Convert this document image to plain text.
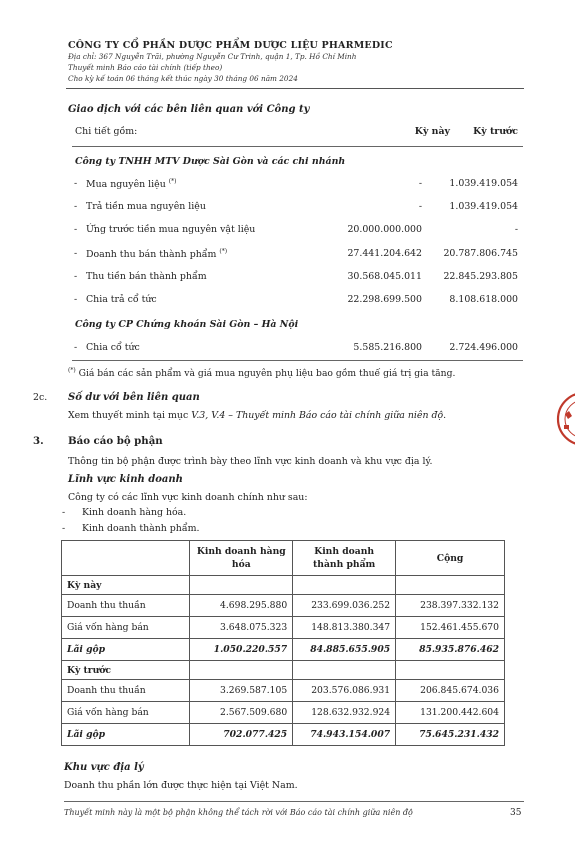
CÔNG TY CỔ PHẦN DƯỢC PHẨM DƯỢC LIỆU PHARMEDIC
Địa chỉ: 367 Nguyễn Trãi, phường Nguyễn Cư Trinh, quận 1, Tp. Hồ Chí Minh
Thuyết minh Báo cáo tài chính (tiếp theo)
Cho kỳ kế toán 06 tháng kết thúc ngày 30 tháng 06 năm 2024
Giao dịch với các bên liên quan với Công ty
Chi tiết gồm:	Kỳ này	Kỳ trước
Công ty TNHH MTV Dược Sài Gòn và các chi nhánh
- Mua nguyên liệu (*)	-	1.039.419.054
- Trả tiền mua nguyên liệu	-	1.039.419.054
- Ứng trước tiền mua nguyên vật liệu	20.000.000.000	-
- Doanh thu bán thành phẩm (*)	27.441.204.642	20.787.806.745
- Thu tiền bán thành phẩm	30.568.045.011	22.845.293.805
- Chia trả cổ tức	22.298.699.500	8.108.618.000
Công ty CP Chứng khoán Sài Gòn – Hà Nội
- Chia cổ tức	5.585.216.800	2.724.496.000
(*) Giá bán các sản phẩm và giá mua nguyên phụ liệu bao gồm thuế giá trị gia tăng.
2c. Số dư với bên liên quan
Xem thuyết minh tại mục V.3, V.4 – Thuyết minh Báo cáo tài chính giữa niên độ.
3. Báo cáo bộ phận
Thông tin bộ phận được trình bày theo lĩnh vực kinh doanh và khu vực địa lý.
Lĩnh vực kinh doanh
Công ty có các lĩnh vực kinh doanh chính như sau:
- Kinh doanh hàng hóa.
- Kinh doanh thành phẩm.
	Kinh doanh hàng hóa	Kinh doanh thành phẩm	Cộng
Kỳ này			
Doanh thu thuần	4.698.295.880	233.699.036.252	238.397.332.132
Giá vốn hàng bán	3.648.075.323	148.813.380.347	152.461.455.670
Lãi gộp	1.050.220.557	84.885.655.905	85.935.876.462
Kỳ trước			
Doanh thu thuần	3.269.587.105	203.576.086.931	206.845.674.036
Giá vốn hàng bán	2.567.509.680	128.632.932.924	131.200.442.604
Lãi gộp	702.077.425	74.943.154.007	75.645.231.432
Khu vực địa lý
Doanh thu phần lớn được thực hiện tại Việt Nam.
Thuyết minh này là một bộ phận không thể tách rời với Báo cáo tài chính giữa niên độ	35
